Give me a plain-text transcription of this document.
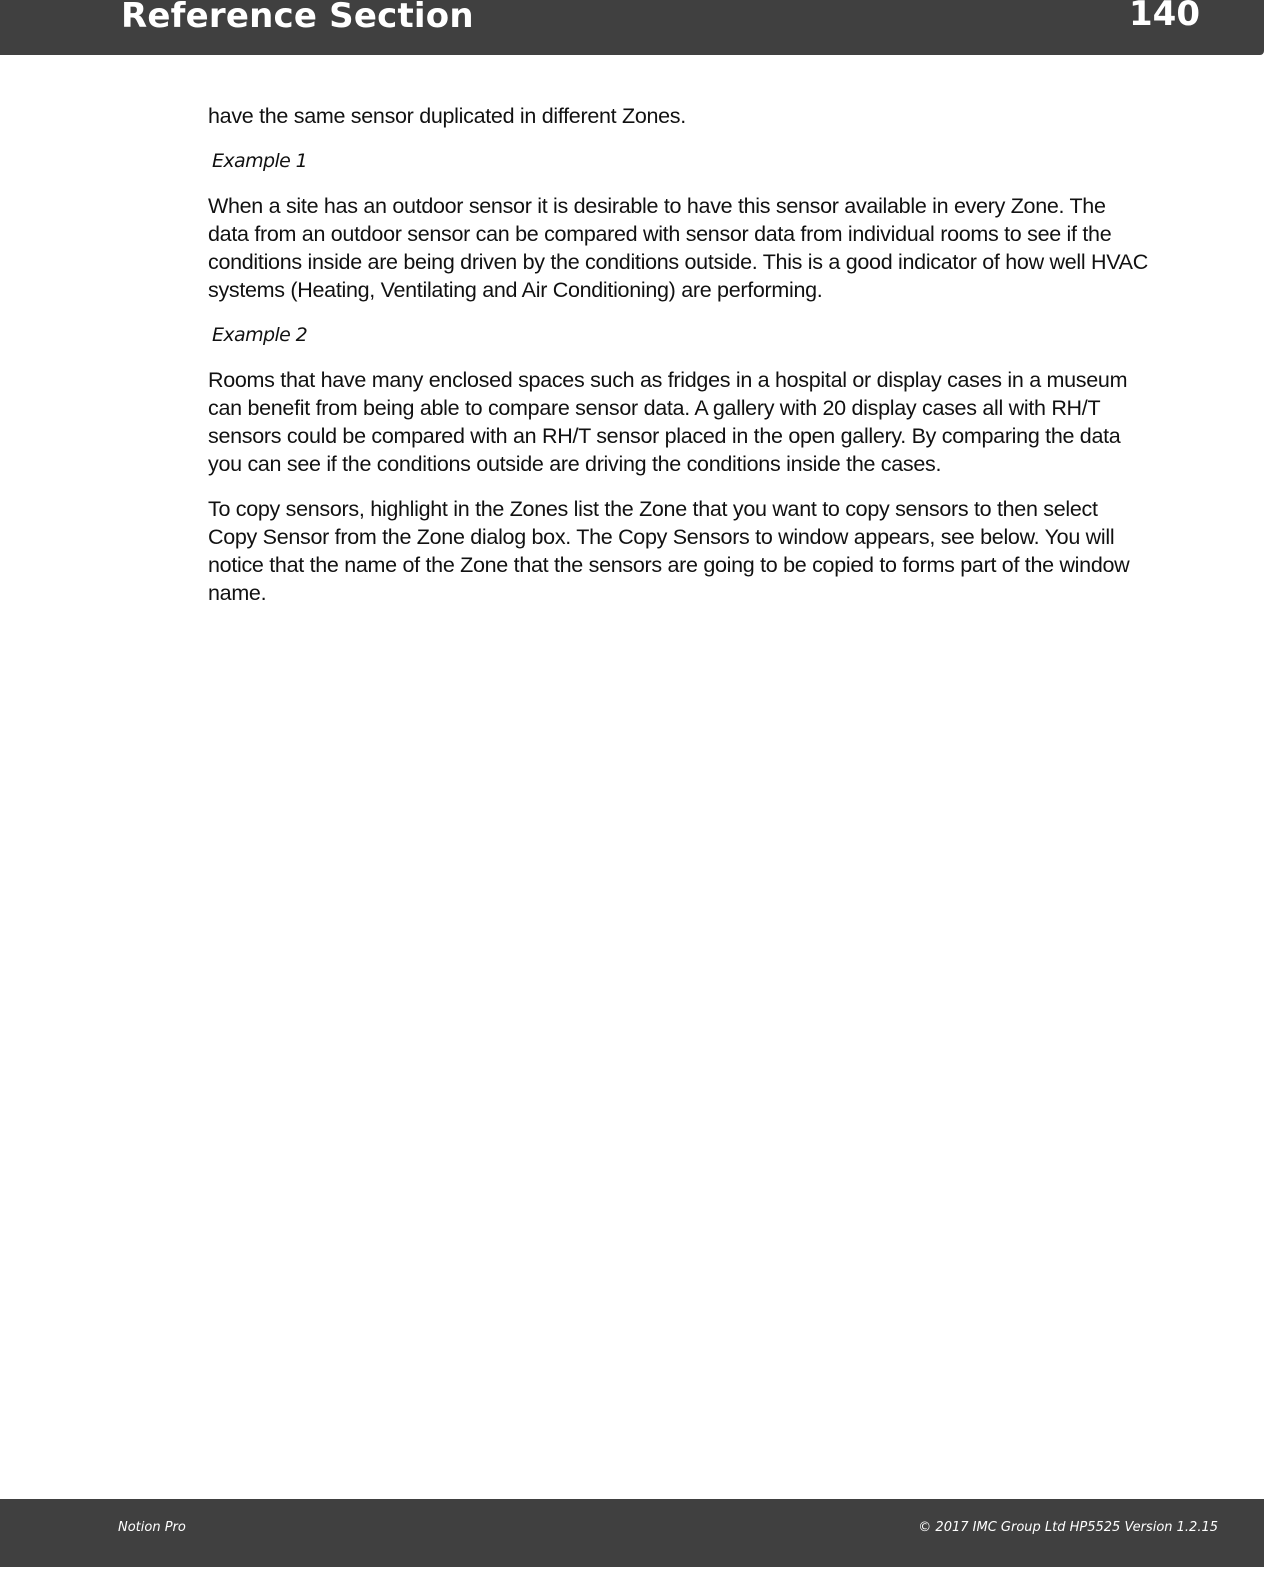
Reference Section	140

have the same sensor duplicated in different Zones.

Example 1

When a site has an outdoor sensor it is desirable to have this sensor available in every Zone. The data from an outdoor sensor can be compared with sensor data from individual rooms to see if the conditions inside are being driven by the conditions outside. This is a good indicator of how well HVAC systems (Heating, Ventilating and Air Conditioning) are performing.

Example 2

Rooms that have many enclosed spaces such as fridges in a hospital or display cases in a museum can benefit from being able to compare sensor data. A gallery with 20 display cases all with RH/T sensors could be compared with an RH/T sensor placed in the open gallery. By comparing the data you can see if the conditions outside are driving the conditions inside the cases.

To copy sensors, highlight in the Zones list the Zone that you want to copy sensors to then select Copy Sensor from the Zone dialog box. The Copy Sensors to window appears, see below. You will notice that the name of the Zone that the sensors are going to be copied to forms part of the window name.

Notion Pro	© 2017 IMC Group Ltd HP5525 Version 1.2.15
